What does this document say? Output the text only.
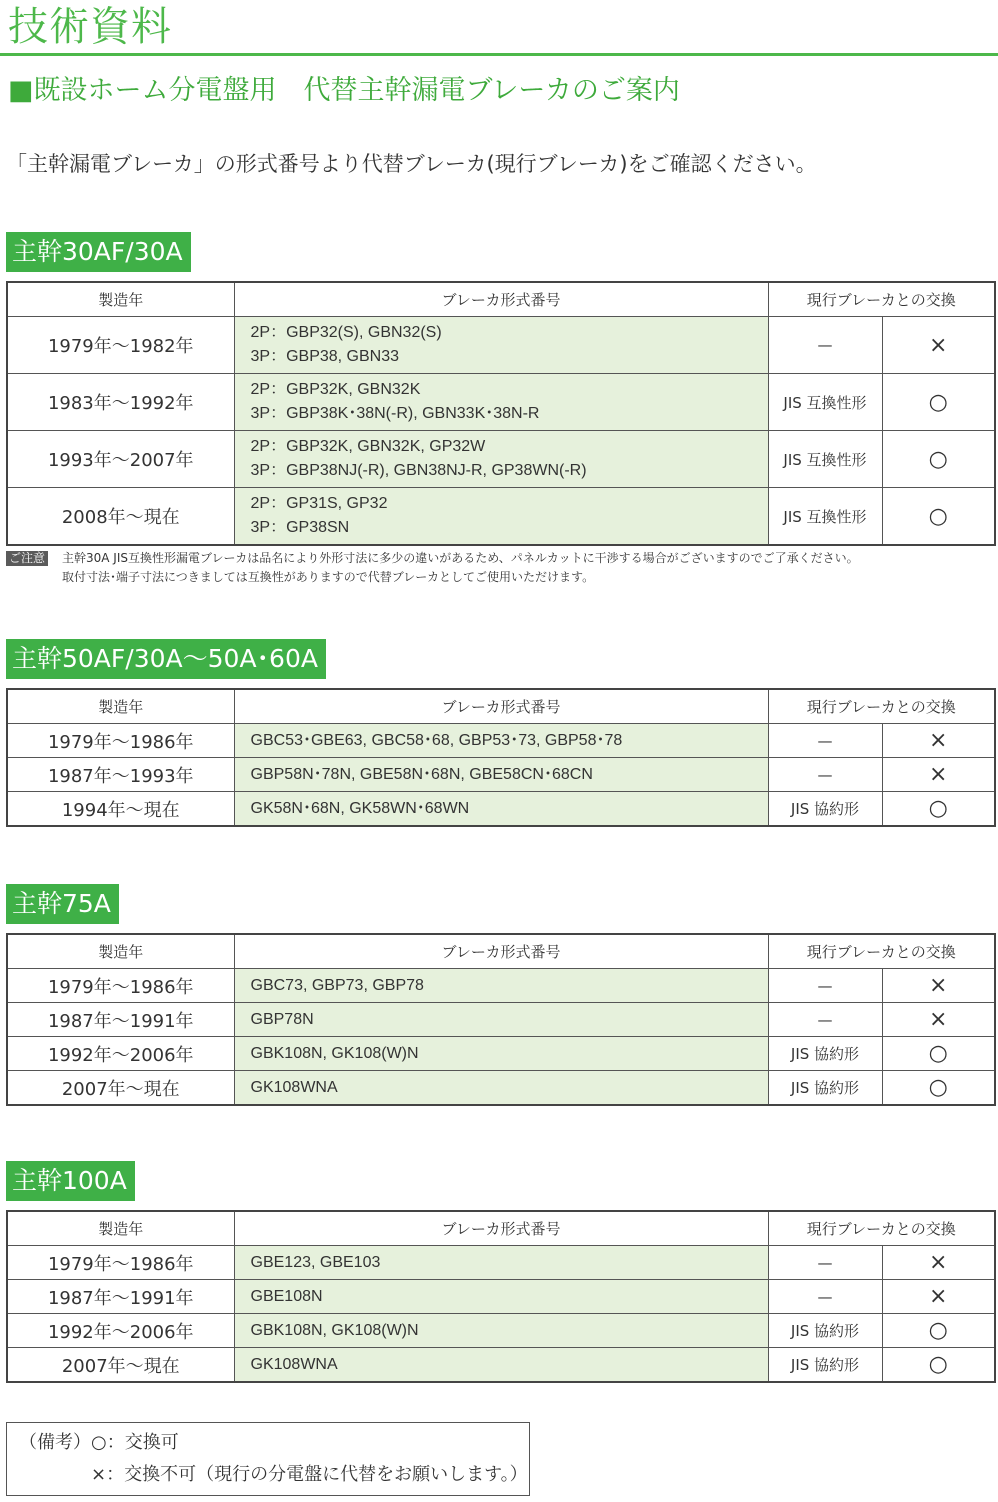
技術資料
■既設ホーム分電盤用　代替主幹漏電ブレーカのご案内
「主幹漏電ブレーカ」の形式番号より代替ブレーカ(現行ブレーカ)をご確認ください。
主幹30AF/30A
製造年	ブレーカ形式番号	現行ブレーカとの交換	
1979年〜1982年	2P：GBP32(S), GBN32(S)
3P：GBP38, GBN33	—	×
1983年〜1992年	2P：GBP32K, GBN32K
3P：GBP38K･38N(-R), GBN33K･38N-R	JIS 互換性形	○
1993年〜2007年	2P：GBP32K, GBN32K, GP32W
3P：GBP38NJ(-R), GBN38NJ-R, GP38WN(-R)	JIS 互換性形	○
2008年〜現在	2P：GP31S, GP32
3P：GP38SN	JIS 互換性形	○
ご注意 主幹30A JIS互換性形漏電ブレーカは品名により外形寸法に多少の違いがあるため、パネルカットに干渉する場合がございますのでご了承ください。
取付寸法･端子寸法につきましては互換性がありますので代替ブレーカとしてご使用いただけます。
主幹50AF/30A〜50A･60A
製造年	ブレーカ形式番号	現行ブレーカとの交換	
1979年〜1986年	GBC53･GBE63, GBC58･68, GBP53･73, GBP58･78	—	×
1987年〜1993年	GBP58N･78N, GBE58N･68N, GBE58CN･68CN	—	×
1994年〜現在	GK58N･68N, GK58WN･68WN	JIS 協約形	○
主幹75A
製造年	ブレーカ形式番号	現行ブレーカとの交換	
1979年〜1986年	GBC73, GBP73, GBP78	—	×
1987年〜1991年	GBP78N	—	×
1992年〜2006年	GBK108N, GK108(W)N	JIS 協約形	○
2007年〜現在	GK108WNA	JIS 協約形	○
主幹100A
製造年	ブレーカ形式番号	現行ブレーカとの交換	
1979年〜1986年	GBE123, GBE103	—	×
1987年〜1991年	GBE108N	—	×
1992年〜2006年	GBK108N, GK108(W)N	JIS 協約形	○
2007年〜現在	GK108WNA	JIS 協約形	○
（備考）○：交換可
　　　　×：交換不可（現行の分電盤に代替をお願いします。）
